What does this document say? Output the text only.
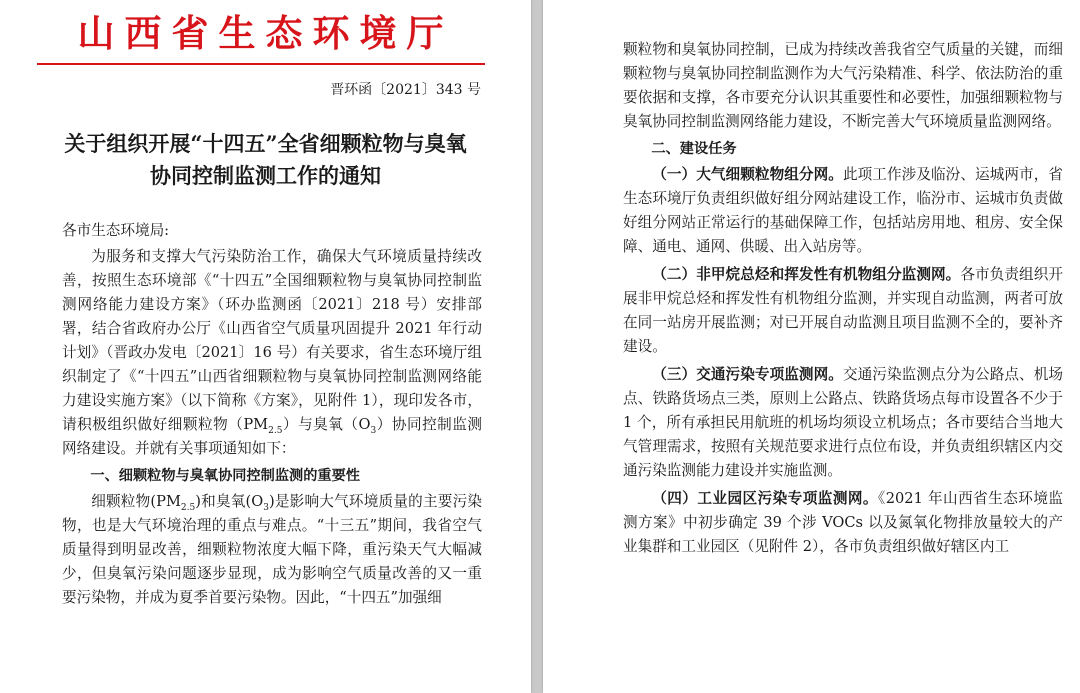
山西省生态环境厅
晋环函〔2021〕343 号
关于组织开展“十四五”全省细颗粒物与臭氧
协同控制监测工作的通知

各市生态环境局:

为服务和支撑大气污染防治工作，确保大气环境质量持续改善，按照生态环境部《“十四五”全国细颗粒物与臭氧协同控制监测网络能力建设方案》（环办监测函〔2021〕218 号）安排部署，结合省政府办公厅《山西省空气质量巩固提升 2021 年行动计划》（晋政办发电〔2021〕16 号）有关要求，省生态环境厅组织制定了《“十四五”山西省细颗粒物与臭氧协同控制监测网络能力建设实施方案》（以下简称《方案》，见附件 1），现印发各市，请积极组织做好细颗粒物$(PM_{2.5})$与臭氧$(O_3)$协同控制监测网络建设。并就有关事项通知如下：

一、细颗粒物与臭氧协同控制监测的重要性

细颗粒物$(PM_{2.5})$和臭氧$(O_3)$是影响大气环境质量的主要污染物，也是大气环境治理的重点与难点。“十三五”期间，我省空气质量得到明显改善，细颗粒物浓度大幅下降，重污染天气大幅减少，但臭氧污染问题逐步显现，成为影响空气质量改善的又一重要污染物，并成为夏季首要污染物。因此，“十四五”加强细

颗粒物和臭氧协同控制，已成为持续改善我省空气质量的关键，而细颗粒物与臭氧协同控制监测作为大气污染精准、科学、依法防治的重要依据和支撑，各市要充分认识其重要性和必要性，加强细颗粒物与臭氧协同控制监测网络能力建设，不断完善大气环境质量监测网络。

二、建设任务

（一）大气细颗粒物组分网。此项工作涉及临汾、运城两市，省生态环境厅负责组织做好组分网站建设工作，临汾市、运城市负责做好组分网站正常运行的基础保障工作，包括站房用地、租房、安全保障、通电、通网、供暖、出入站房等。

（二）非甲烷总烃和挥发性有机物组分监测网。各市负责组织开展非甲烷总烃和挥发性有机物组分监测，并实现自动监测，两者可放在同一站房开展监测；对已开展自动监测且项目监测不全的，要补齐建设。

（三）交通污染专项监测网。交通污染监测点分为公路点、机场点、铁路货场点三类，原则上公路点、铁路货场点每市设置各不少于 1 个，所有承担民用航班的机场均须设立机场点；各市要结合当地大气管理需求，按照有关规范要求进行点位布设，并负责组织辖区内交通污染监测能力建设并实施监测。

（四）工业园区污染专项监测网。《2021 年山西省生态环境监测方案》中初步确定 39 个涉 VOCs 以及氮氧化物排放量较大的产业集群和工业园区（见附件 2），各市负责组织做好辖区内工
